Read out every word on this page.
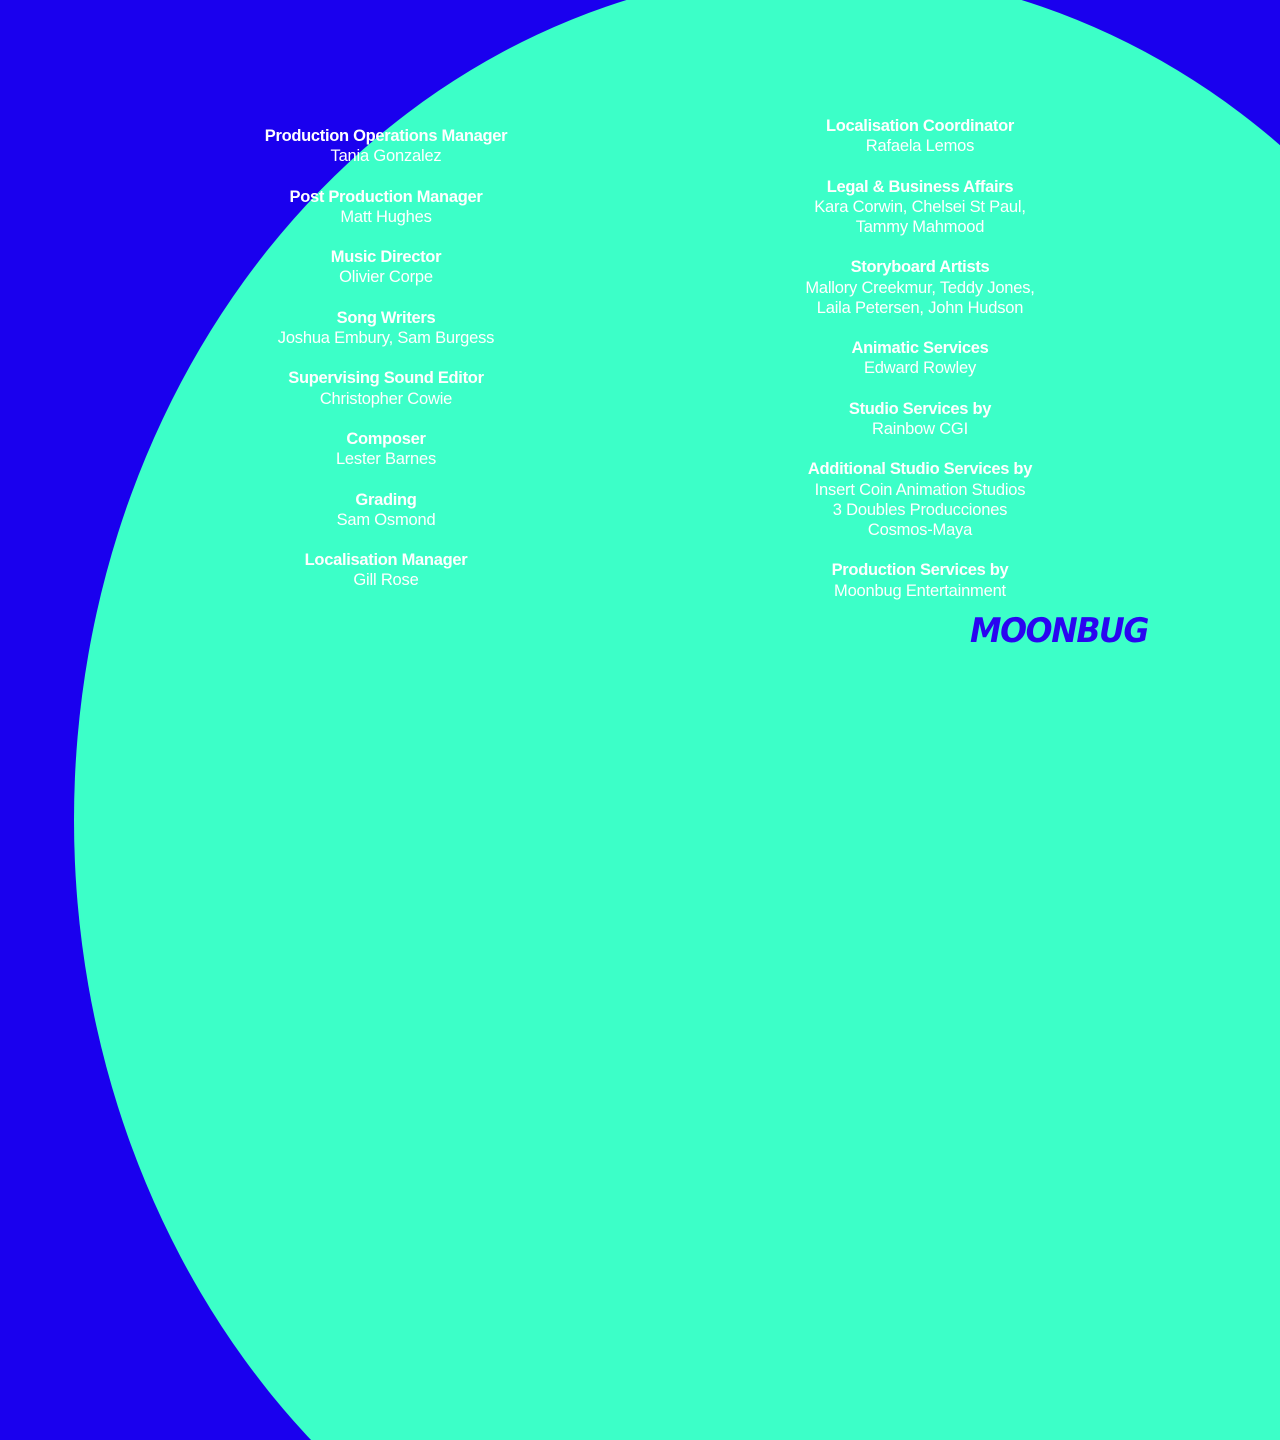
Production Operations Manager
Tania Gonzalez
Post Production Manager
Matt Hughes
Music Director
Olivier Corpe
Song Writers
Joshua Embury, Sam Burgess
Supervising Sound Editor
Christopher Cowie
Composer
Lester Barnes
Grading
Sam Osmond
Localisation Manager
Gill Rose
Localisation Coordinator
Rafaela Lemos
Legal & Business Affairs
Kara Corwin, Chelsei St Paul,
Tammy Mahmood
Storyboard Artists
Mallory Creekmur, Teddy Jones,
Laila Petersen, John Hudson
Animatic Services
Edward Rowley
Studio Services by
Rainbow CGI
Additional Studio Services by
Insert Coin Animation Studios
3 Doubles Producciones
Cosmos-Maya
Production Services by
Moonbug Entertainment
MOONBUG
